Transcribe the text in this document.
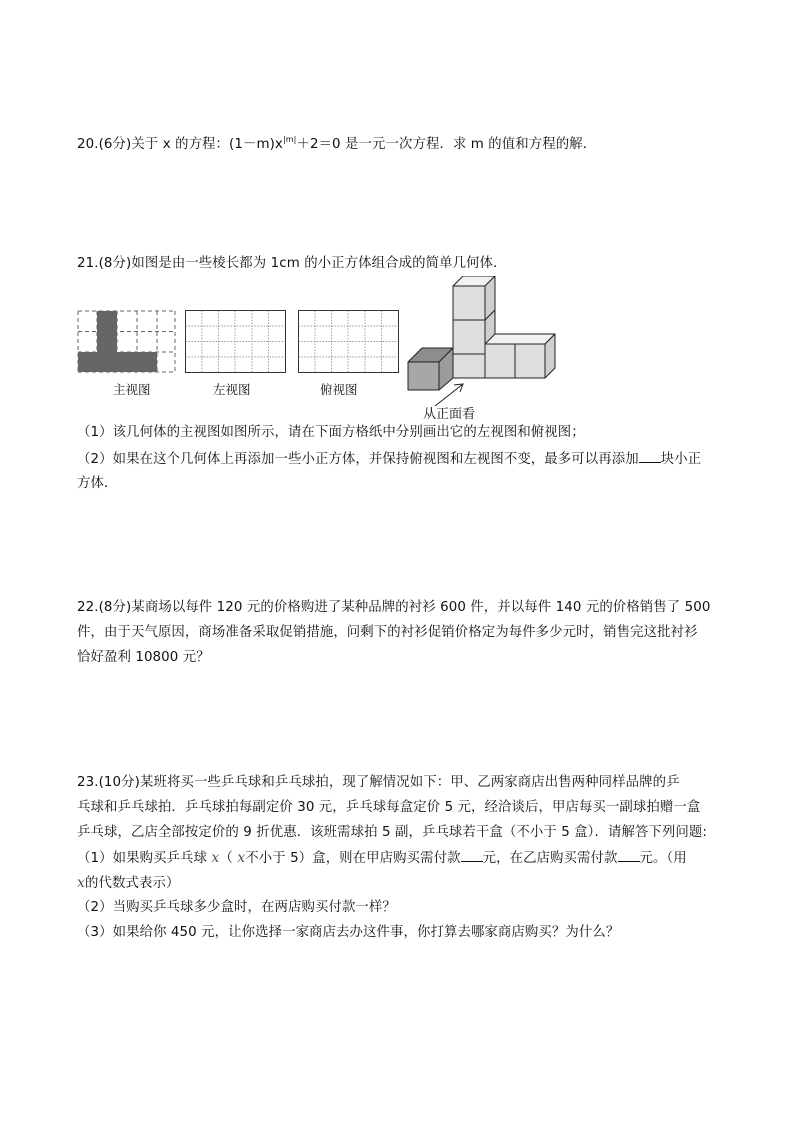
20.(6分)关于 x 的方程：$(1-m)x^{|m|}+2=0$ 是一元一次方程．求 m 的值和方程的解．
21.(8分)如图是由一些棱长都为 1cm 的小正方体组合成的简单几何体．
主视图	左视图	俯视图
从正面看
（1）该几何体的主视图如图所示，请在下面方格纸中分别画出它的左视图和俯视图；
（2）如果在这个几何体上再添加一些小正方体，并保持俯视图和左视图不变，最多可以再添加 块小正
方体．
22.(8分)某商场以每件 120 元的价格购进了某种品牌的衬衫 600 件，并以每件 140 元的价格销售了 500
件，由于天气原因，商场准备采取促销措施，问剩下的衬衫促销价格定为每件多少元时，销售完这批衬衫
恰好盈利 10800 元？
23.(10分)某班将买一些乒乓球和乒乓球拍，现了解情况如下：甲、乙两家商店出售两种同样品牌的乒
乓球和乒乓球拍．乒乓球拍每副定价 30 元，乒乓球每盒定价 5 元，经洽谈后，甲店每买一副球拍赠一盒
乒乓球，乙店全部按定价的 9 折优惠．该班需球拍 5 副，乒乓球若干盒（不小于 5 盒）．请解答下列问题:
（1）如果购买乒乓球 x（ x不小于 5）盒，则在甲店购买需付款 元，在乙店购买需付款 元。（用
x的代数式表示）
（2）当购买乒乓球多少盒时，在两店购买付款一样？
（3）如果给你 450 元，让你选择一家商店去办这件事，你打算去哪家商店购买？为什么？
